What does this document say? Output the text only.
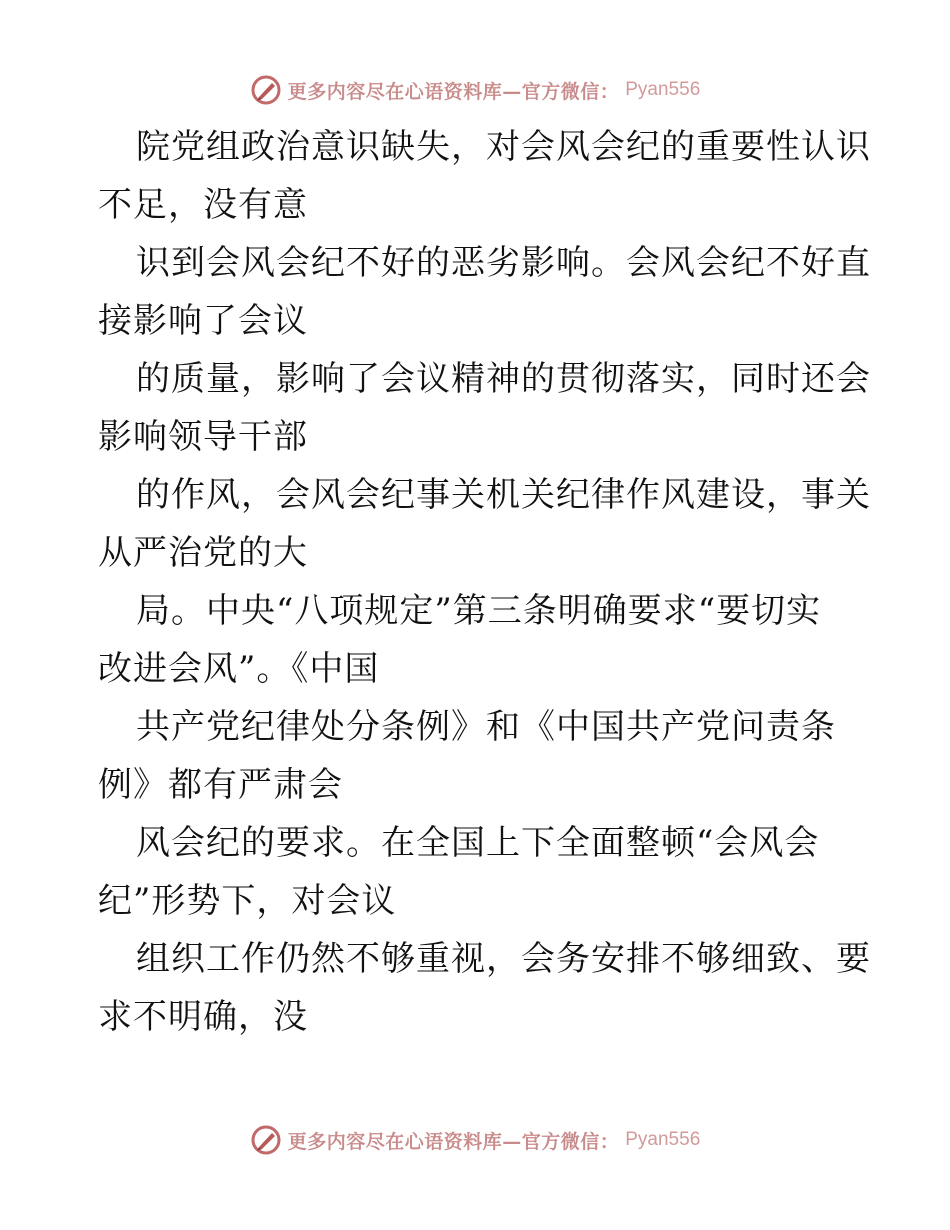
更多内容尽在心语资料库—官方微信： Pyan556

院党组政治意识缺失，对会风会纪的重要性认识
不足，没有意

识到会风会纪不好的恶劣影响。会风会纪不好直
接影响了会议

的质量，影响了会议精神的贯彻落实，同时还会
影响领导干部

的作风，会风会纪事关机关纪律作风建设，事关
从严治党的大

局。中央“八项规定”第三条明确要求“要切实
改进会风”。《中国

共产党纪律处分条例》和《中国共产党问责条
例》都有严肃会

风会纪的要求。在全国上下全面整顿“会风会
纪”形势下，对会议

组织工作仍然不够重视，会务安排不够细致、要
求不明确，没

更多内容尽在心语资料库—官方微信： Pyan556
